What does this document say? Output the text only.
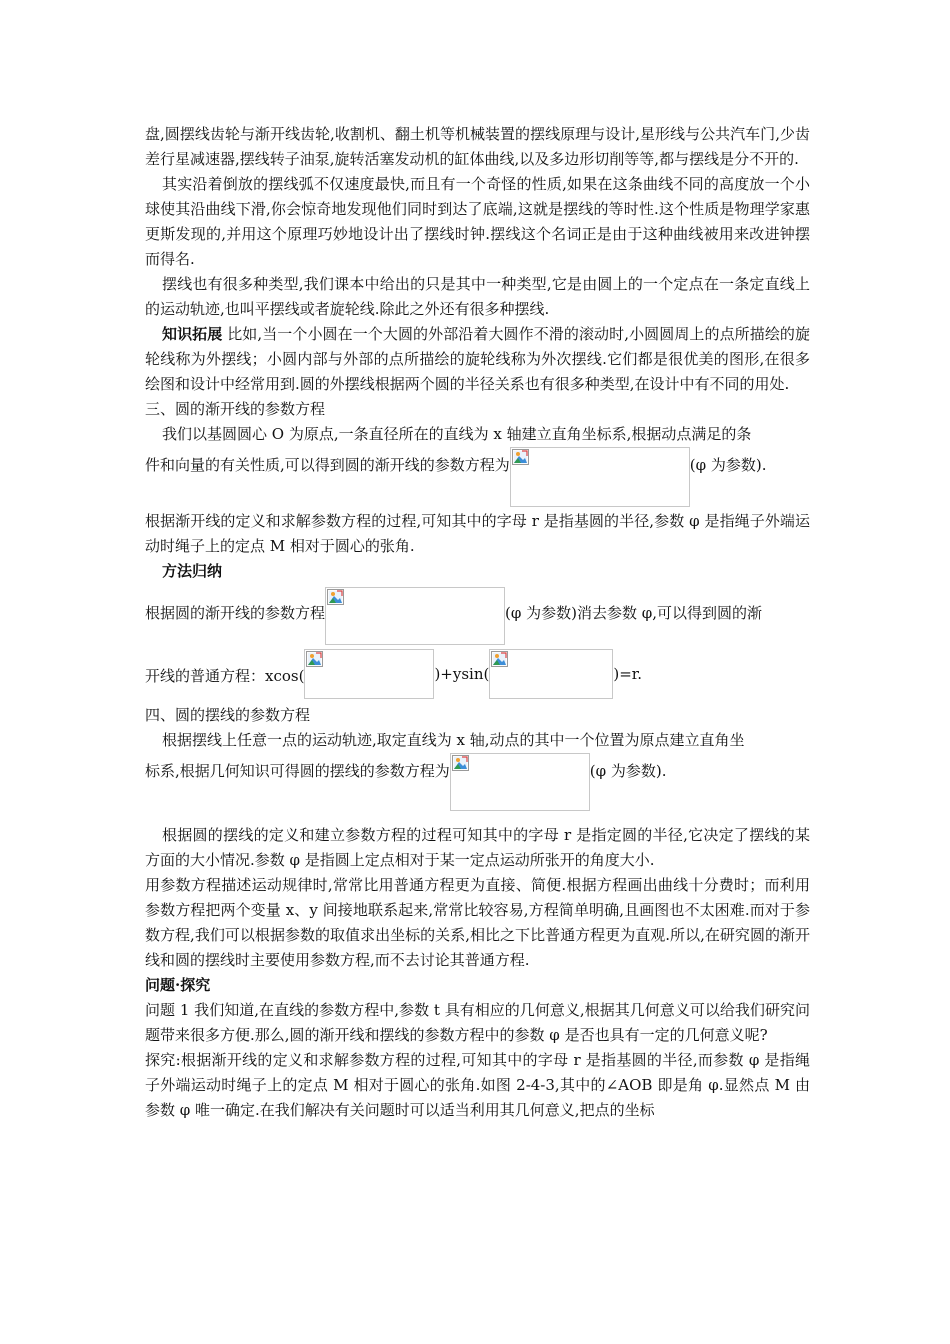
盘,圆摆线齿轮与渐开线齿轮,收割机、翻土机等机械装置的摆线原理与设计,星形线与公共汽车门,少齿差行星减速器,摆线转子油泵,旋转活塞发动机的缸体曲线,以及多边形切削等等,都与摆线是分不开的.

其实沿着倒放的摆线弧不仅速度最快,而且有一个奇怪的性质,如果在这条曲线不同的高度放一个小球使其沿曲线下滑,你会惊奇地发现他们同时到达了底端,这就是摆线的等时性.这个性质是物理学家惠更斯发现的,并用这个原理巧妙地设计出了摆线时钟.摆线这个名词正是由于这种曲线被用来改进钟摆而得名.

摆线也有很多种类型,我们课本中给出的只是其中一种类型,它是由圆上的一个定点在一条定直线上的运动轨迹,也叫平摆线或者旋轮线.除此之外还有很多种摆线.

知识拓展 比如,当一个小圆在一个大圆的外部沿着大圆作不滑的滚动时,小圆圆周上的点所描绘的旋轮线称为外摆线；小圆内部与外部的点所描绘的旋轮线称为外次摆线.它们都是很优美的图形,在很多绘图和设计中经常用到.圆的外摆线根据两个圆的半径关系也有很多种类型,在设计中有不同的用处.

三、圆的渐开线的参数方程

我们以基圆圆心 O 为原点,一条直径所在的直线为 x 轴建立直角坐标系,根据动点满足的条

件和向量的有关性质,可以得到圆的渐开线的参数方程为	(φ 为参数).

根据渐开线的定义和求解参数方程的过程,可知其中的字母 r 是指基圆的半径,参数 φ 是指绳子外端运动时绳子上的定点 M 相对于圆心的张角.

方法归纳

根据圆的渐开线的参数方程	(φ 为参数)消去参数 φ,可以得到圆的渐
开线的普通方程：xcos(	)+ysin(	)=r.

四、圆的摆线的参数方程

根据摆线上任意一点的运动轨迹,取定直线为 x 轴,动点的其中一个位置为原点建立直角坐

标系,根据几何知识可得圆的摆线的参数方程为	(φ 为参数).

根据圆的摆线的定义和建立参数方程的过程可知其中的字母 r 是指定圆的半径,它决定了摆线的某方面的大小情况.参数 φ 是指圆上定点相对于某一定点运动所张开的角度大小.

用参数方程描述运动规律时,常常比用普通方程更为直接、简便.根据方程画出曲线十分费时；而利用参数方程把两个变量 x、y 间接地联系起来,常常比较容易,方程简单明确,且画图也不太困难.而对于参数方程,我们可以根据参数的取值求出坐标的关系,相比之下比普通方程更为直观.所以,在研究圆的渐开线和圆的摆线时主要使用参数方程,而不去讨论其普通方程.

问题·探究

问题 1 我们知道,在直线的参数方程中,参数 t 具有相应的几何意义,根据其几何意义可以给我们研究问题带来很多方便.那么,圆的渐开线和摆线的参数方程中的参数 φ 是否也具有一定的几何意义呢?

探究:根据渐开线的定义和求解参数方程的过程,可知其中的字母 r 是指基圆的半径,而参数 φ 是指绳子外端运动时绳子上的定点 M 相对于圆心的张角.如图 2-4-3,其中的∠AOB 即是角 φ.显然点 M 由参数 φ 唯一确定.在我们解决有关问题时可以适当利用其几何意义,把点的坐标
